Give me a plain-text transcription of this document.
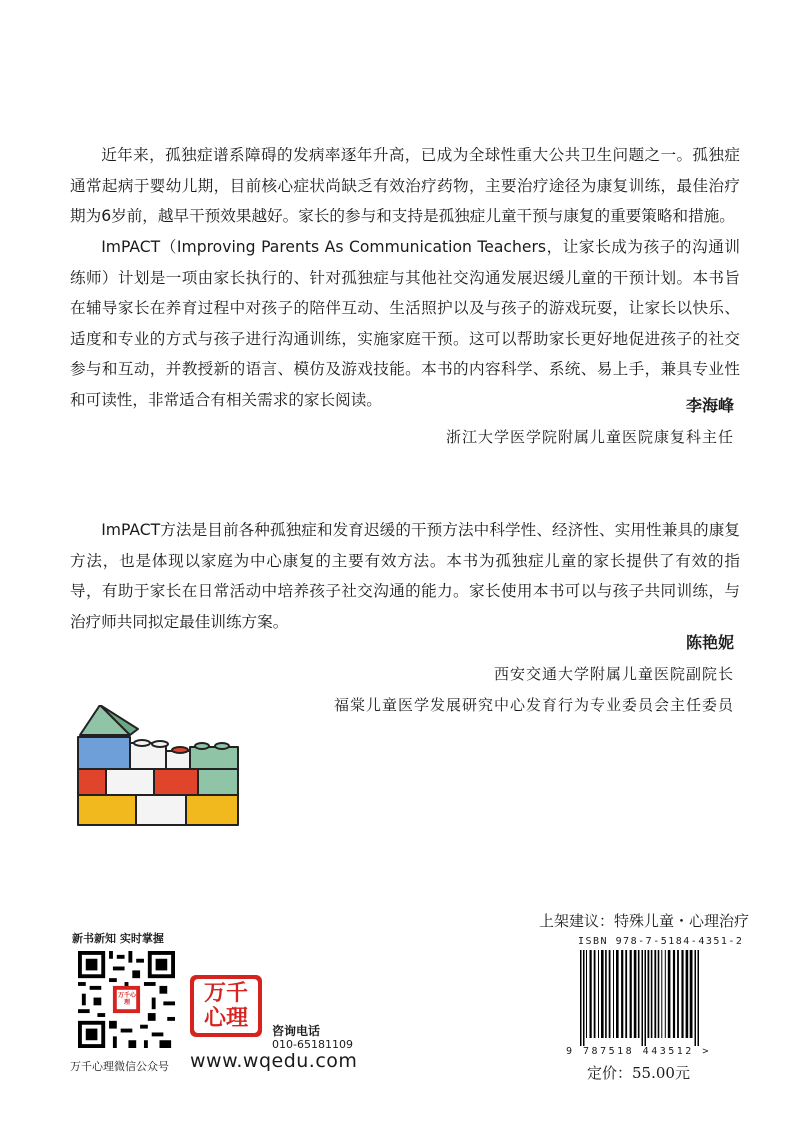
近年来，孤独症谱系障碍的发病率逐年升高，已成为全球性重大公共卫生问题之一。孤独症通常起病于婴幼儿期，目前核心症状尚缺乏有效治疗药物，主要治疗途径为康复训练，最佳治疗期为6岁前，越早干预效果越好。家长的参与和支持是孤独症儿童干预与康复的重要策略和措施。

ImPACT（Improving Parents As Communication Teachers，让家长成为孩子的沟通训练师）计划是一项由家长执行的、针对孤独症与其他社交沟通发展迟缓儿童的干预计划。本书旨在辅导家长在养育过程中对孩子的陪伴互动、生活照护以及与孩子的游戏玩耍，让家长以快乐、适度和专业的方式与孩子进行沟通训练，实施家庭干预。这可以帮助家长更好地促进孩子的社交参与和互动，并教授新的语言、模仿及游戏技能。本书的内容科学、系统、易上手，兼具专业性和可读性，非常适合有相关需求的家长阅读。	李海峰
浙江大学医学院附属儿童医院康复科主任

ImPACT方法是目前各种孤独症和发育迟缓的干预方法中科学性、经济性、实用性兼具的康复方法，也是体现以家庭为中心康复的主要有效方法。本书为孤独症儿童的家长提供了有效的指导，有助于家长在日常活动中培养孩子社交沟通的能力。家长使用本书可以与孩子共同训练，与治疗师共同拟定最佳训练方案。

陈艳妮
西安交通大学附属儿童医院副院长
福棠儿童医学发展研究中心发育行为专业委员会主任委员
新书新知 实时掌握
万千心理
万千心理微信公众号
万千
心理	咨询电话
010-65181109
www.wqedu.com
上架建议：特殊儿童・心理治疗
ISBN 978-7-5184-4351-2
9 787518 443512 >
定价：55.00元
